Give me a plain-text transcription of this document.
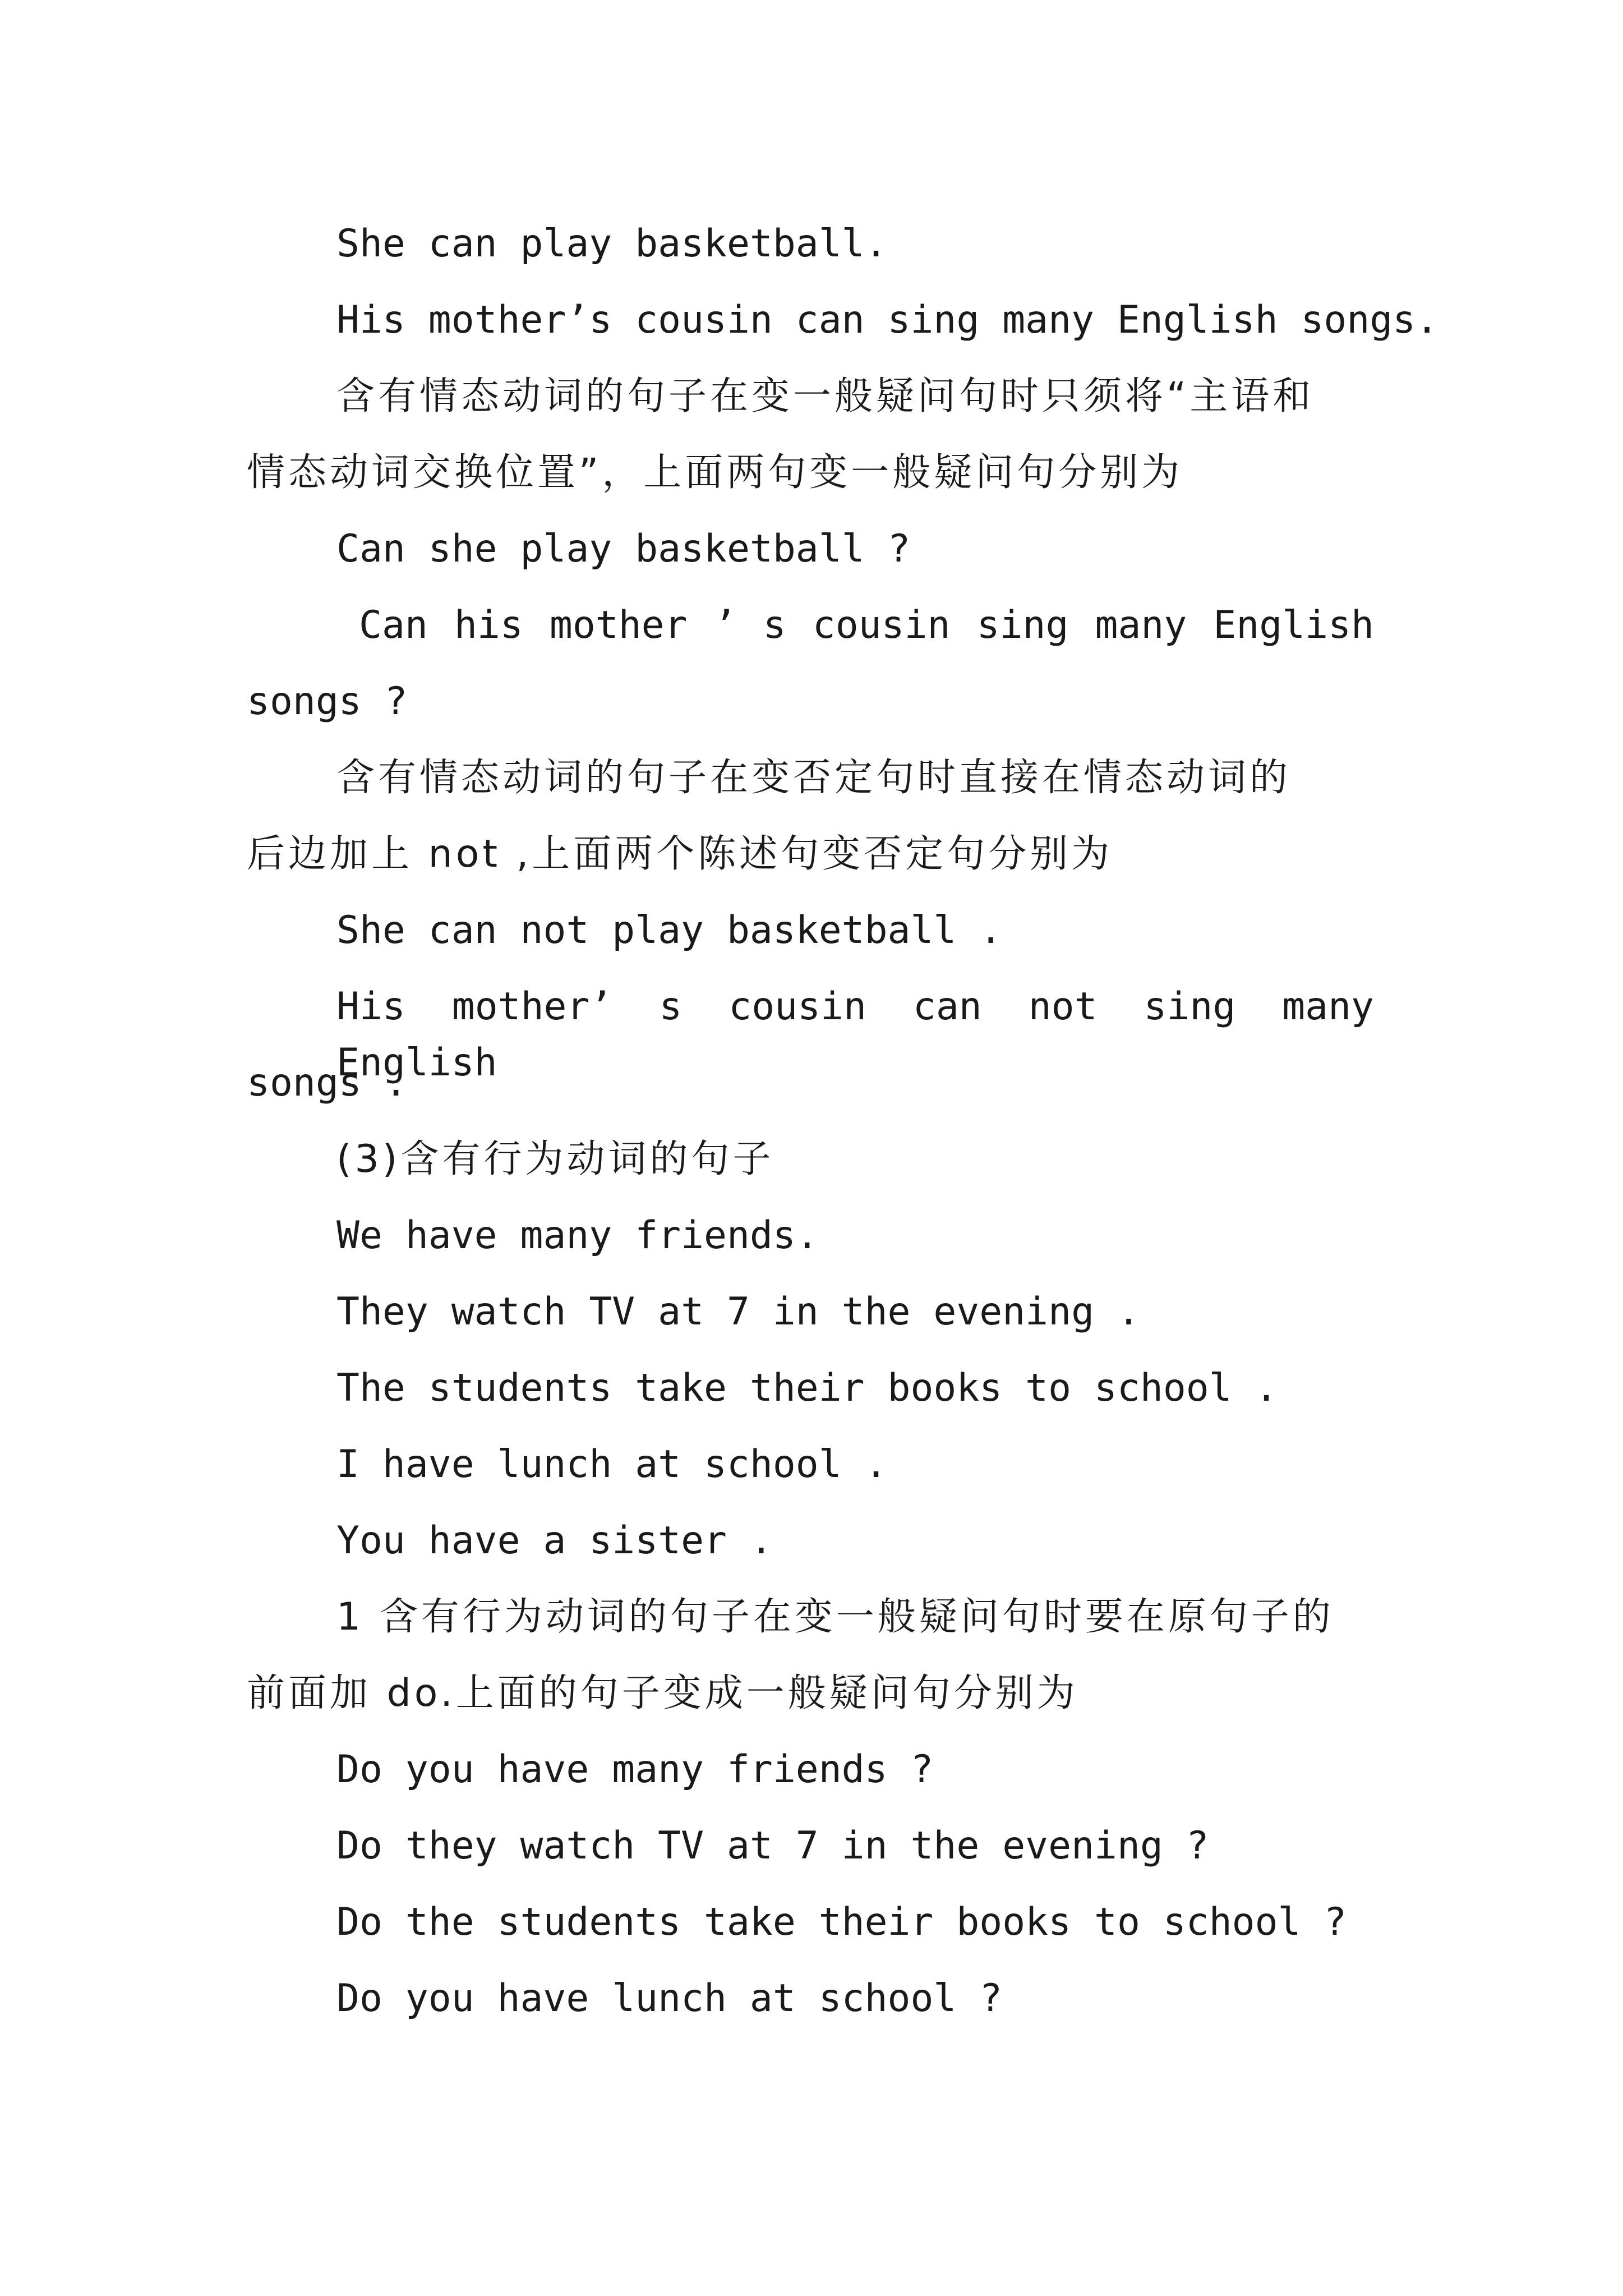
She can play basketball.
His mother’s cousin can sing many English songs.
含有情态动词的句子在变一般疑问句时只须将“主语和
情态动词交换位置”，上面两句变一般疑问句分别为
Can she play basketball ?
Can his mother ’ s cousin sing many English
songs ?
含有情态动词的句子在变否定句时直接在情态动词的
后边加上 not ,上面两个陈述句变否定句分别为
She can not play basketball .
His mother’ s cousin can not sing many English
songs .
(3)含有行为动词的句子
We have many friends.
They watch TV at 7 in the evening .
The students take their books to school .
I have lunch at school .
You have a sister .
1 含有行为动词的句子在变一般疑问句时要在原句子的
前面加 do.上面的句子变成一般疑问句分别为
Do you have many friends ?
Do they watch TV at 7 in the evening ?
Do the students take their books to school ?
Do you have lunch at school ?
